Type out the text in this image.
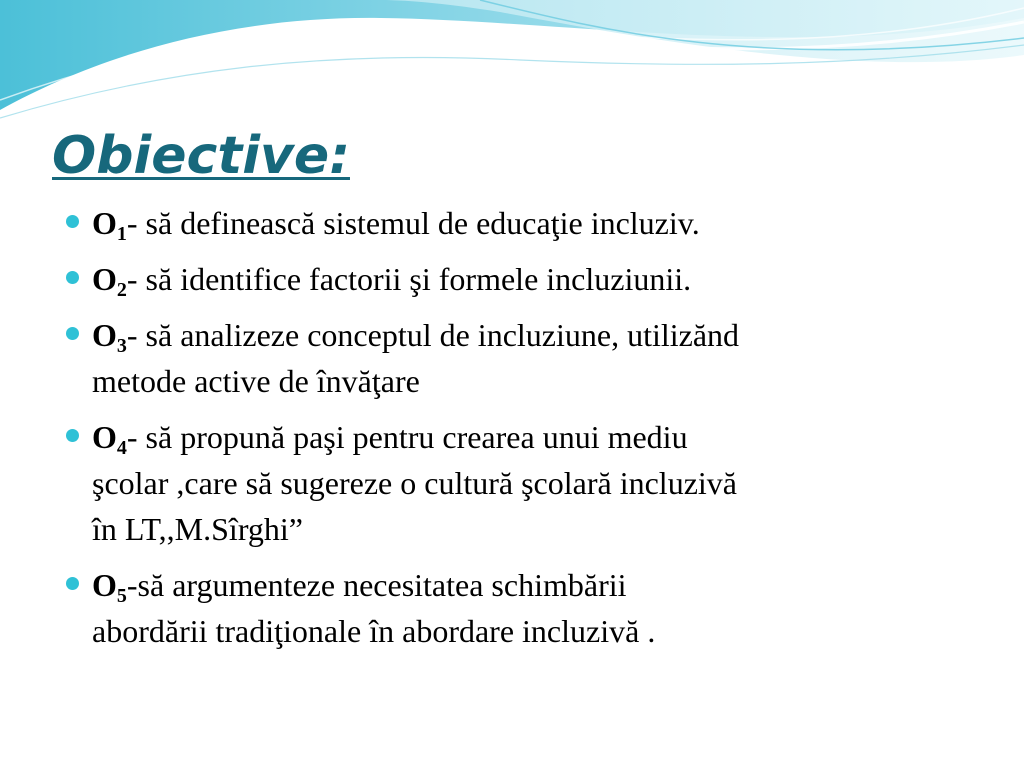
Obiective:
O1- să definească sistemul de educaţie incluziv.
O2- să identifice factorii şi formele incluziunii.
O3- să analizeze conceptul de incluziune, utilizănd
metode active de învăţare
O4- să propună paşi pentru crearea unui mediu
şcolar ,care să sugereze o cultură şcolară incluzivă
în LT,,M.Sîrghi”
O5-să argumenteze necesitatea schimbării
abordării tradiţionale în abordare incluzivă .
